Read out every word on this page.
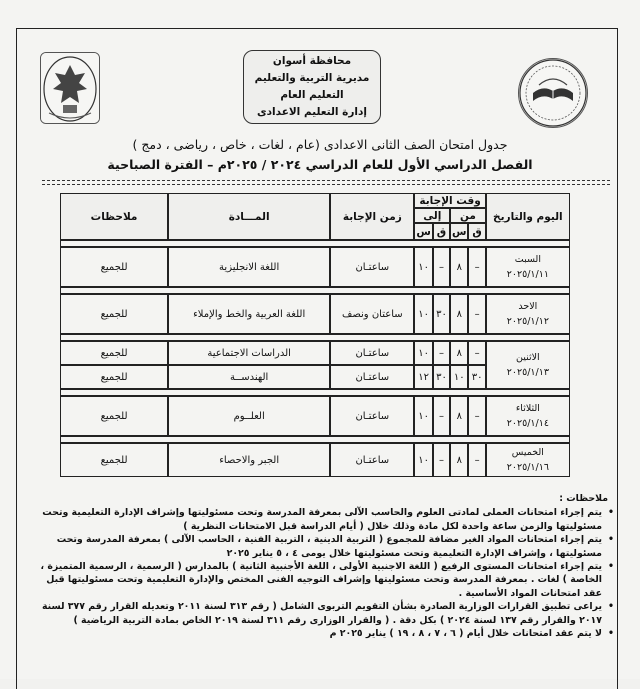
محافظة أسوان
مديرية التربية والتعليم
التعليم العام
إدارة التعليم الاعدادى
جدول امتحان الصف الثانى الاعدادى (عام ، لغات ، خاص ، رياضى ، دمج )
الفصل الدراسي الأول للعام الدراسي ٢٠٢٤ / ٢٠٢٥م – الفترة الصباحية
اليوم والتاريخ	وقت الإجابة				زمن الإجابة	المـــادة	ملاحظات
	من		إلى				
	ق	س	ق	س			

السبت
٢٠٢٥/١/١١	–	٨	–	١٠	ساعتـان	اللغة الانجليزية	للجميع

الاحد
٢٠٢٥/١/١٢	–	٨	٣٠	١٠	ساعتان ونصف	اللغة العربية والخط والإملاء	للجميع

الاثنين
٢٠٢٥/١/١٣	–	٨	–	١٠	ساعتـان	الدراسات الاجتماعية	للجميع
	٣٠	١٠	٣٠	١٢	ساعتـان	الهندســة	للجميع

الثلاثاء
٢٠٢٥/١/١٤	–	٨	–	١٠	ساعتـان	العلــوم	للجميع

الخميس
٢٠٢٥/١/١٦	–	٨	–	١٠	ساعتـان	الجبر والاحصاء	للجميع
ملاحظات :
• يتم إجراء امتحانات العملى لمادتى العلوم والحاسب الآلى بمعرفة المدرسة وتحت مسئوليتها وإشراف الإدارة التعليمية وتحت مسئوليتها والزمن ساعة واحدة لكل مادة وذلك خلال ( أيام الدراسة قبل الامتحانات النظرية )
• يتم إجراء امتحانات المواد الغير مضافة للمجموع ( التربية الدينية ، التربية الفنية ، الحاسب الآلى ) بمعرفة المدرسة وتحت مسئوليتها ، وإشراف الإدارة التعليمية وتحت مسئوليتها خلال يومى ٤ ، ٥ يناير ٢٠٢٥
• يتم إجراء امتحانات المستوى الرفيع ( اللغة الاجنبية الأولى ، اللغة الأجنبية الثانية ) بالمدارس ( الرسمية ، الرسمية المتميزة ، الخاصة ) لغات . بمعرفة المدرسة وتحت مسئوليتها وإشراف التوجيه الفنى المختص والإدارة التعليمية وتحت مسئوليتها قبل عقد امتحانات المواد الأساسية .
• يراعى تطبيق القرارات الوزارية الصادرة بشأن التقويم التربوى الشامل ( رقم ٣١٣ لسنة ٢٠١١ وتعديله القرار رقم ٣٧٧ لسنة ٢٠١٧ والقرار رقم ١٣٧ لسنة ٢٠٢٤ ) بكل دقة . ( والقرار الوزارى رقم ٣١١ لسنة ٢٠١٩ الخاص بمادة التربية الرياضية )
• لا يتم عقد امتحانات خلال أيام ( ٦ ، ٧ ، ٨ ، ١٩ ) يناير ٢٠٢٥ م
